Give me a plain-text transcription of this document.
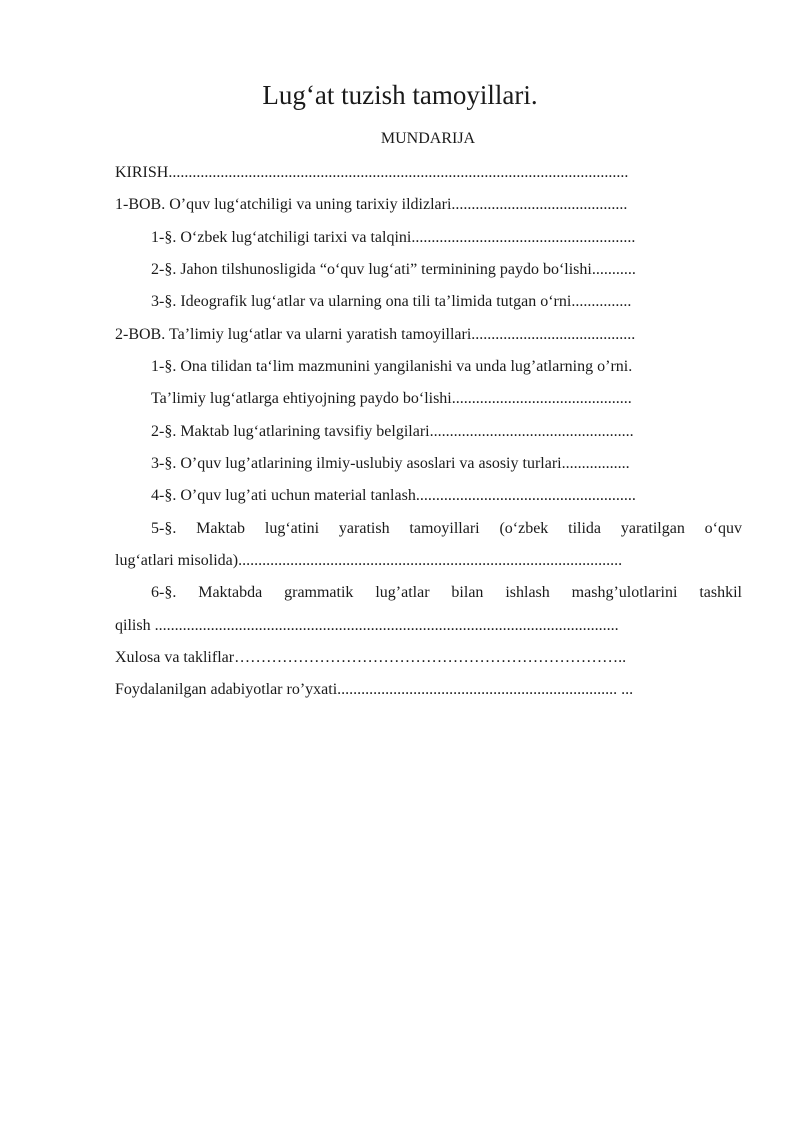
Lug‘at tuzish tamoyillari.
MUNDARIJA
KIRISH...................................................................................................................
1-BOB. O’quv lug‘atchiligi va uning tarixiy ildizlari............................................
1-§. O‘zbek lug‘atchiligi tarixi va talqini........................................................
2-§. Jahon tilshunosligida “o‘quv lug‘ati” terminining paydo bo‘lishi...........
3-§. Ideografik lug‘atlar va ularning ona tili ta’limida tutgan o‘rni...............
2-BOB. Ta’limiy lug‘atlar va ularni yaratish tamoyillari.........................................
1-§. Ona tilidan ta‘lim mazmunini yangilanishi va unda lug’atlarning o’rni.
Ta’limiy lug‘atlarga ehtiyojning paydo bo‘lishi.............................................
2-§. Maktab lug‘atlarining tavsifiy belgilari...................................................
3-§. O’quv lug’atlarining ilmiy-uslubiy asoslari va asosiy turlari.................
4-§. O’quv lug’ati uchun material tanlash.......................................................
5-§. Maktab lug‘atini yaratish tamoyillari (o‘zbek tilida yaratilgan o‘quv
lug‘atlari misolida)................................................................................................
6-§. Maktabda grammatik lug’atlar bilan ishlash mashg’ulotlarini tashkil
qilish ....................................................................................................................
Xulosa va takliflar………………………………………………………………..
Foydalanilgan adabiyotlar ro’yxati...................................................................... ...
